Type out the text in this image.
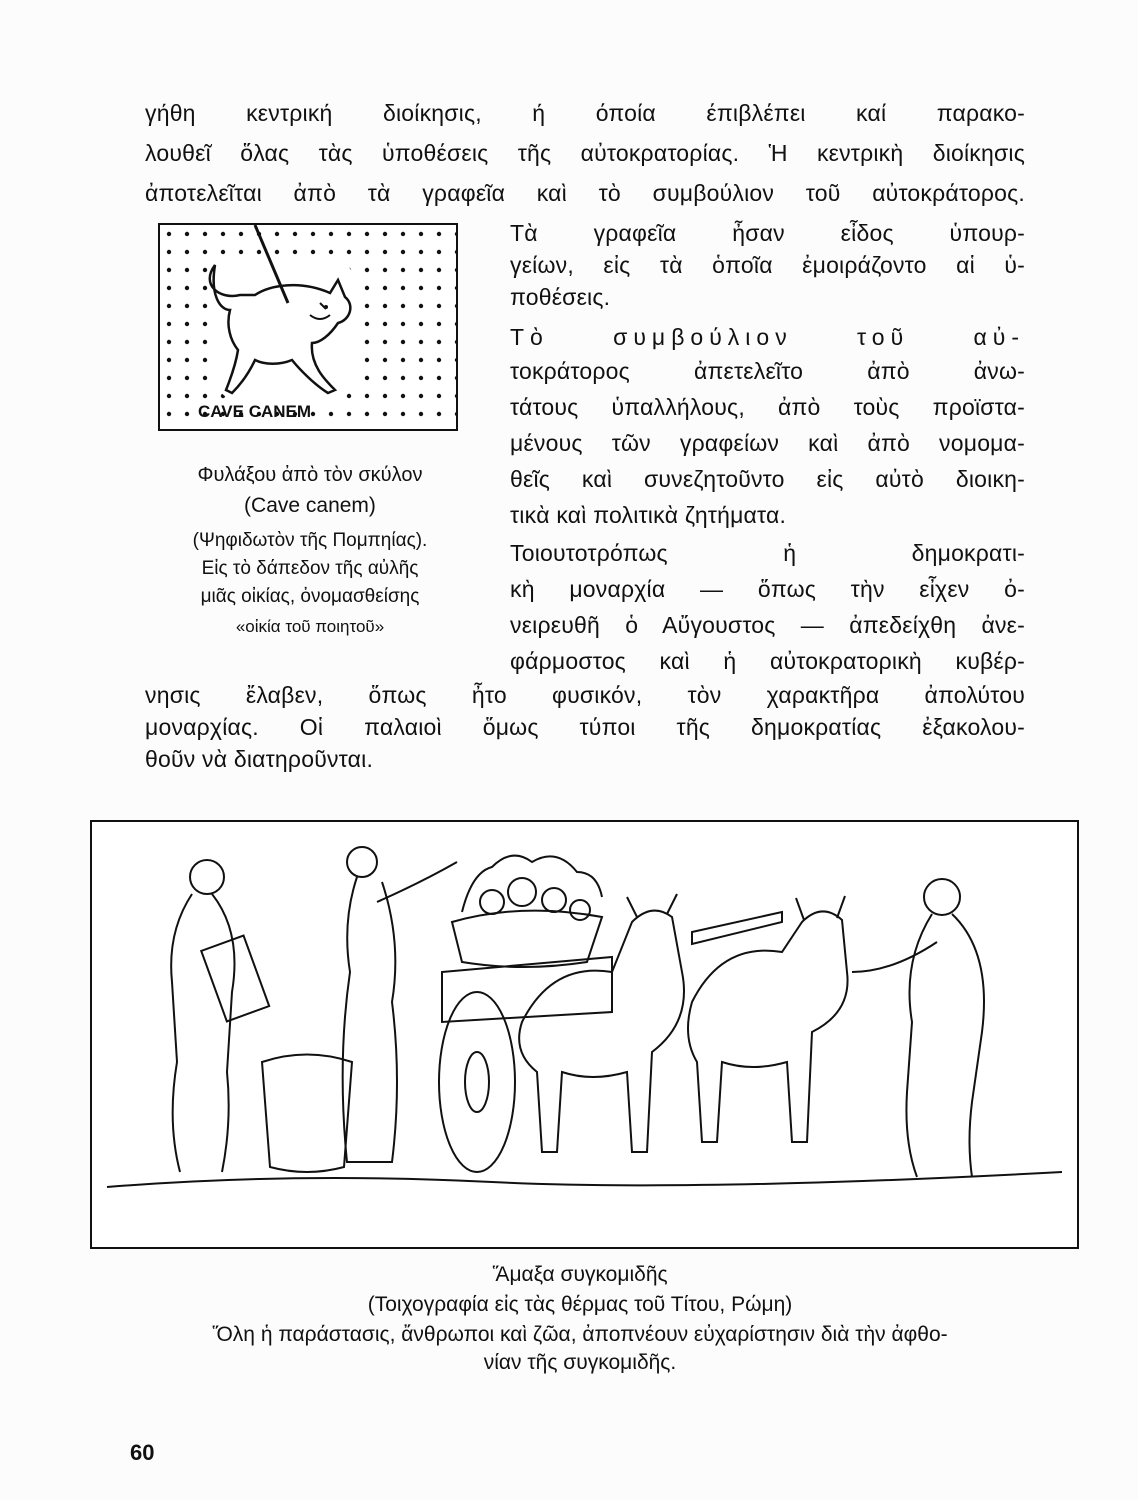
γήθη κεντρική διοίκησις, ή όποία έπιβλέπει καί παρακο-
λουθεῖ ὅλας τὰς ὑποθέσεις τῆς αὐτοκρατορίας. Ἡ κεντρικὴ διοίκησις
ἀποτελεῖται ἀπὸ τὰ γραφεῖα καὶ τὸ συμβούλιον τοῦ αὐτοκράτορος.
Τὰ γραφεῖα ἦσαν εἶδος ὑπουρ-
γείων, εἰς τὰ ὁποῖα ἐμοιράζοντο αἱ ὑ-
ποθέσεις.
Τὸ συμβούλιον τοῦ αὐ-
τοκράτορος ἀπετελεῖτο ἀπὸ ἀνω-
τάτους ὑπαλλήλους, ἀπὸ τοὺς προϊστα-
μένους τῶν γραφείων καὶ ἀπὸ νομομα-
θεῖς καὶ συνεζητοῦντο εἰς αὐτὸ διοικη-
τικὰ καὶ πολιτικὰ ζητήματα.
Τοιουτοτρόπως ἡ δημοκρατι-
κὴ μοναρχία — ὅπως τὴν εἶχεν ὀ-
νειρευθῆ ὁ Αὔγουστος — ἀπεδείχθη ἀνε-
φάρμοστος καὶ ἡ αὐτοκρατορικὴ κυβέρ-
νησις ἔλαβεν, ὅπως ἦτο φυσικόν, τὸν χαρακτῆρα ἀπολύτου
μοναρχίας. Οἱ παλαιοὶ ὅμως τύποι τῆς δημοκρατίας ἐξακολου-
θοῦν νὰ διατηροῦνται.
CAVE CANEM
Φυλάξου ἀπὸ τὸν σκύλον
(Cave canem)
(Ψηφιδωτὸν τῆς Πομπηίας).
Εἰς τὸ δάπεδον τῆς αὐλῆς
μιᾶς οἰκίας, ὀνομασθείσης
«οἰκία τοῦ ποιητοῦ»
Ἅμαξα συγκομιδῆς
(Τοιχογραφία εἰς τὰς θέρμας τοῦ Τίτου, Ρώμη)
Ὅλη ἡ παράστασις, ἄνθρωποι καὶ ζῶα, ἀποπνέουν εὐχαρίστησιν διὰ τὴν ἀφθο-
νίαν τῆς συγκομιδῆς.
60
